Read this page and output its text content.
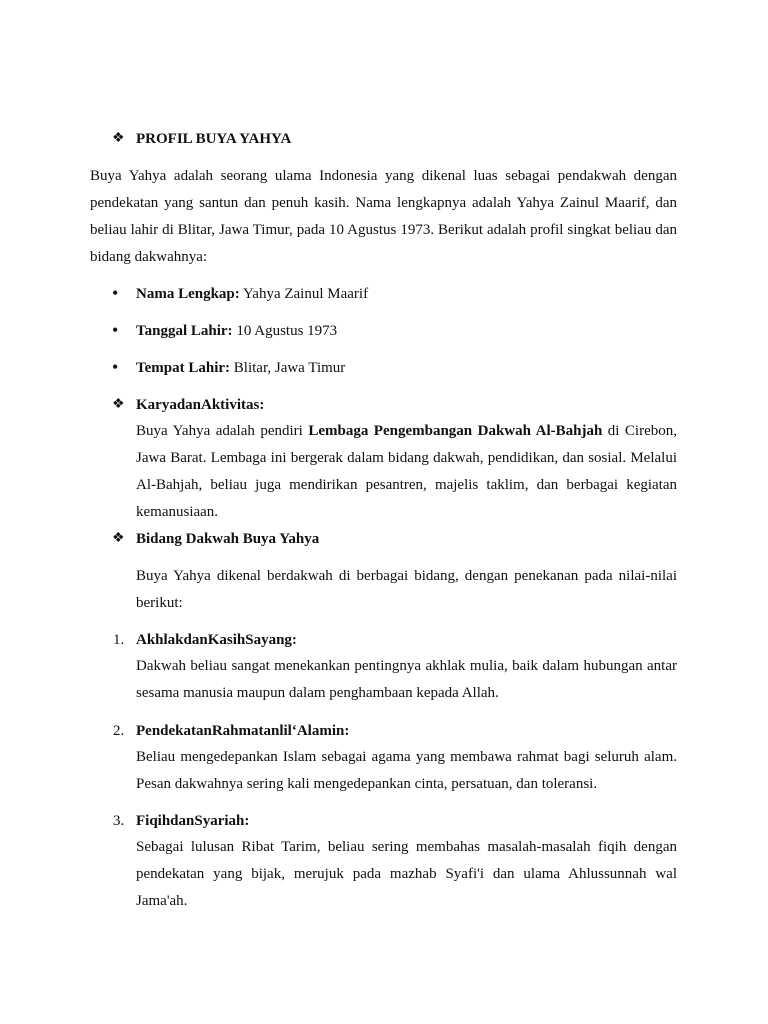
❖ PROFIL BUYA YAHYA

Buya Yahya adalah seorang ulama Indonesia yang dikenal luas sebagai pendakwah dengan pendekatan yang santun dan penuh kasih. Nama lengkapnya adalah Yahya Zainul Maarif, dan beliau lahir di Blitar, Jawa Timur, pada 10 Agustus 1973. Berikut adalah profil singkat beliau dan bidang dakwahnya:

• Nama Lengkap: Yahya Zainul Maarif
• Tanggal Lahir: 10 Agustus 1973
• Tempat Lahir: Blitar, Jawa Timur
❖ KaryadanAktivitas:

Buya Yahya adalah pendiri Lembaga Pengembangan Dakwah Al-Bahjah di Cirebon, Jawa Barat. Lembaga ini bergerak dalam bidang dakwah, pendidikan, dan sosial. Melalui Al-Bahjah, beliau juga mendirikan pesantren, majelis taklim, dan berbagai kegiatan kemanusiaan.

❖ Bidang Dakwah Buya Yahya

Buya Yahya dikenal berdakwah di berbagai bidang, dengan penekanan pada nilai-nilai berikut:

1. AkhlakdanKasihSayang:

Dakwah beliau sangat menekankan pentingnya akhlak mulia, baik dalam hubungan antar sesama manusia maupun dalam penghambaan kepada Allah.

2. PendekatanRahmatanlil‘Alamin:

Beliau mengedepankan Islam sebagai agama yang membawa rahmat bagi seluruh alam. Pesan dakwahnya sering kali mengedepankan cinta, persatuan, dan toleransi.

3. FiqihdanSyariah:

Sebagai lulusan Ribat Tarim, beliau sering membahas masalah-masalah fiqih dengan pendekatan yang bijak, merujuk pada mazhab Syafi'i dan ulama Ahlussunnah wal Jama'ah.
